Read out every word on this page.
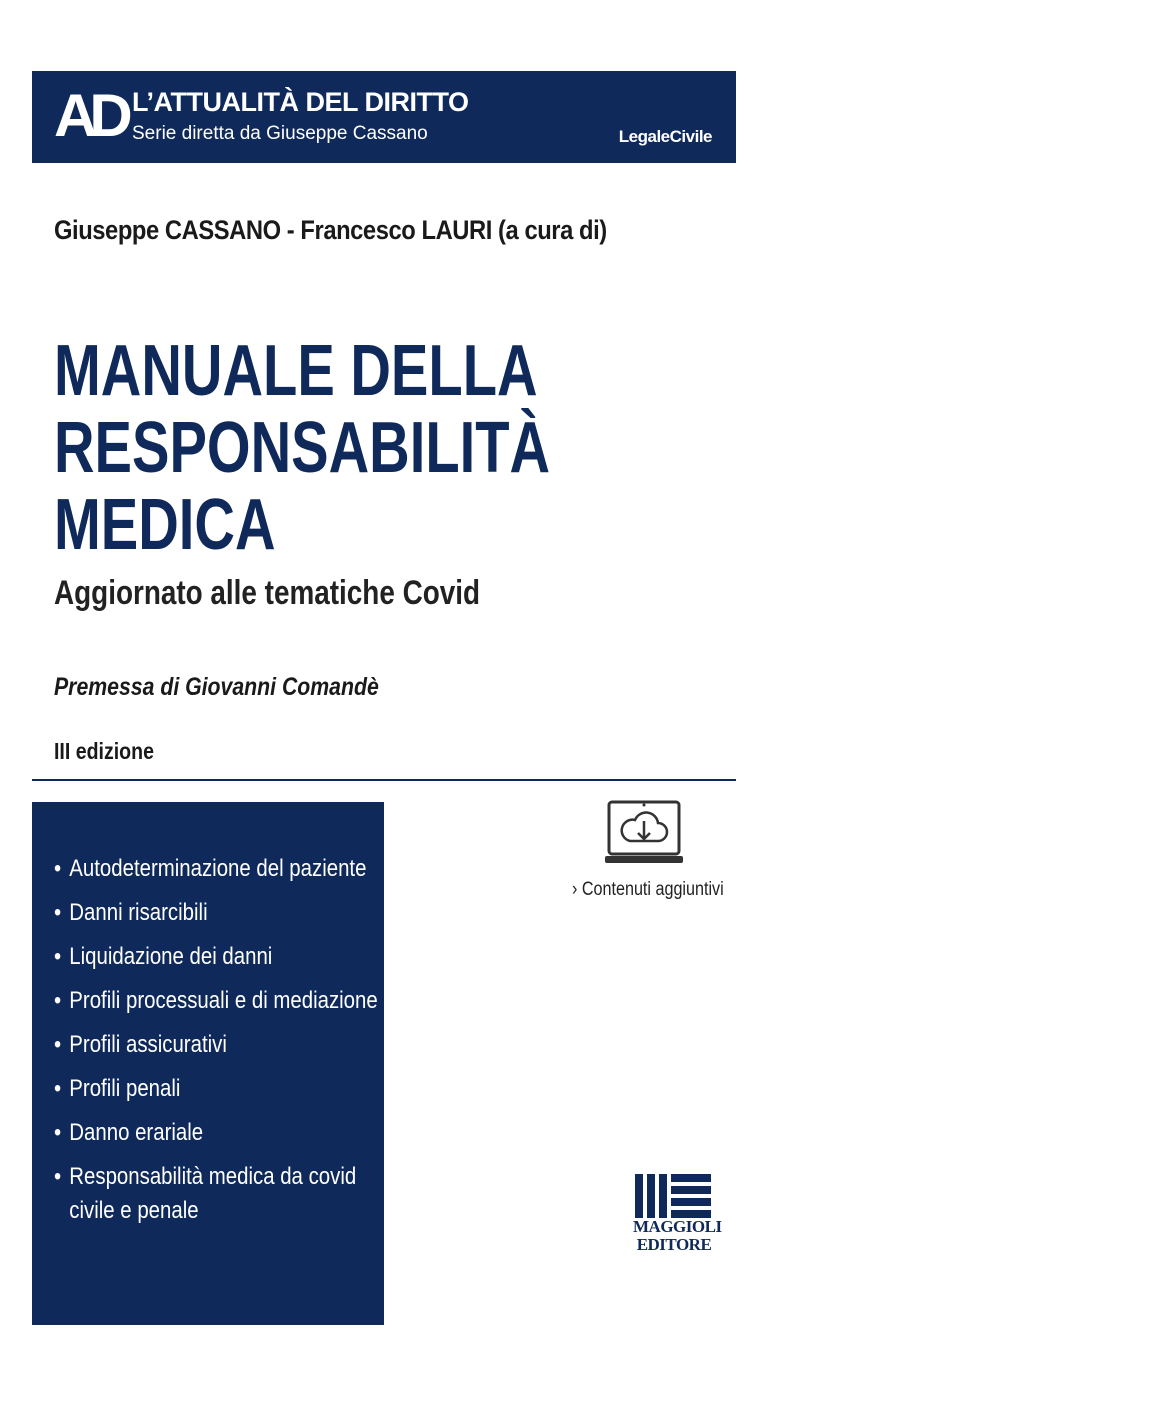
AD L’ATTUALITÀ DEL DIRITTO
Serie diretta da Giuseppe Cassano	LegaleCivile
Giuseppe CASSANO - Francesco LAURI (a cura di)
MANUALE DELLA
RESPONSABILITÀ
MEDICA
Aggiornato alle tematiche Covid
Premessa di Giovanni Comandè
III edizione
• Autodeterminazione del paziente
• Danni risarcibili
• Liquidazione dei danni
• Profili processuali e di mediazione
• Profili assicurativi
• Profili penali
• Danno erariale
• Responsabilità medica da covid
civile e penale
› Contenuti aggiuntivi
MAGGIOLI
EDITORE
